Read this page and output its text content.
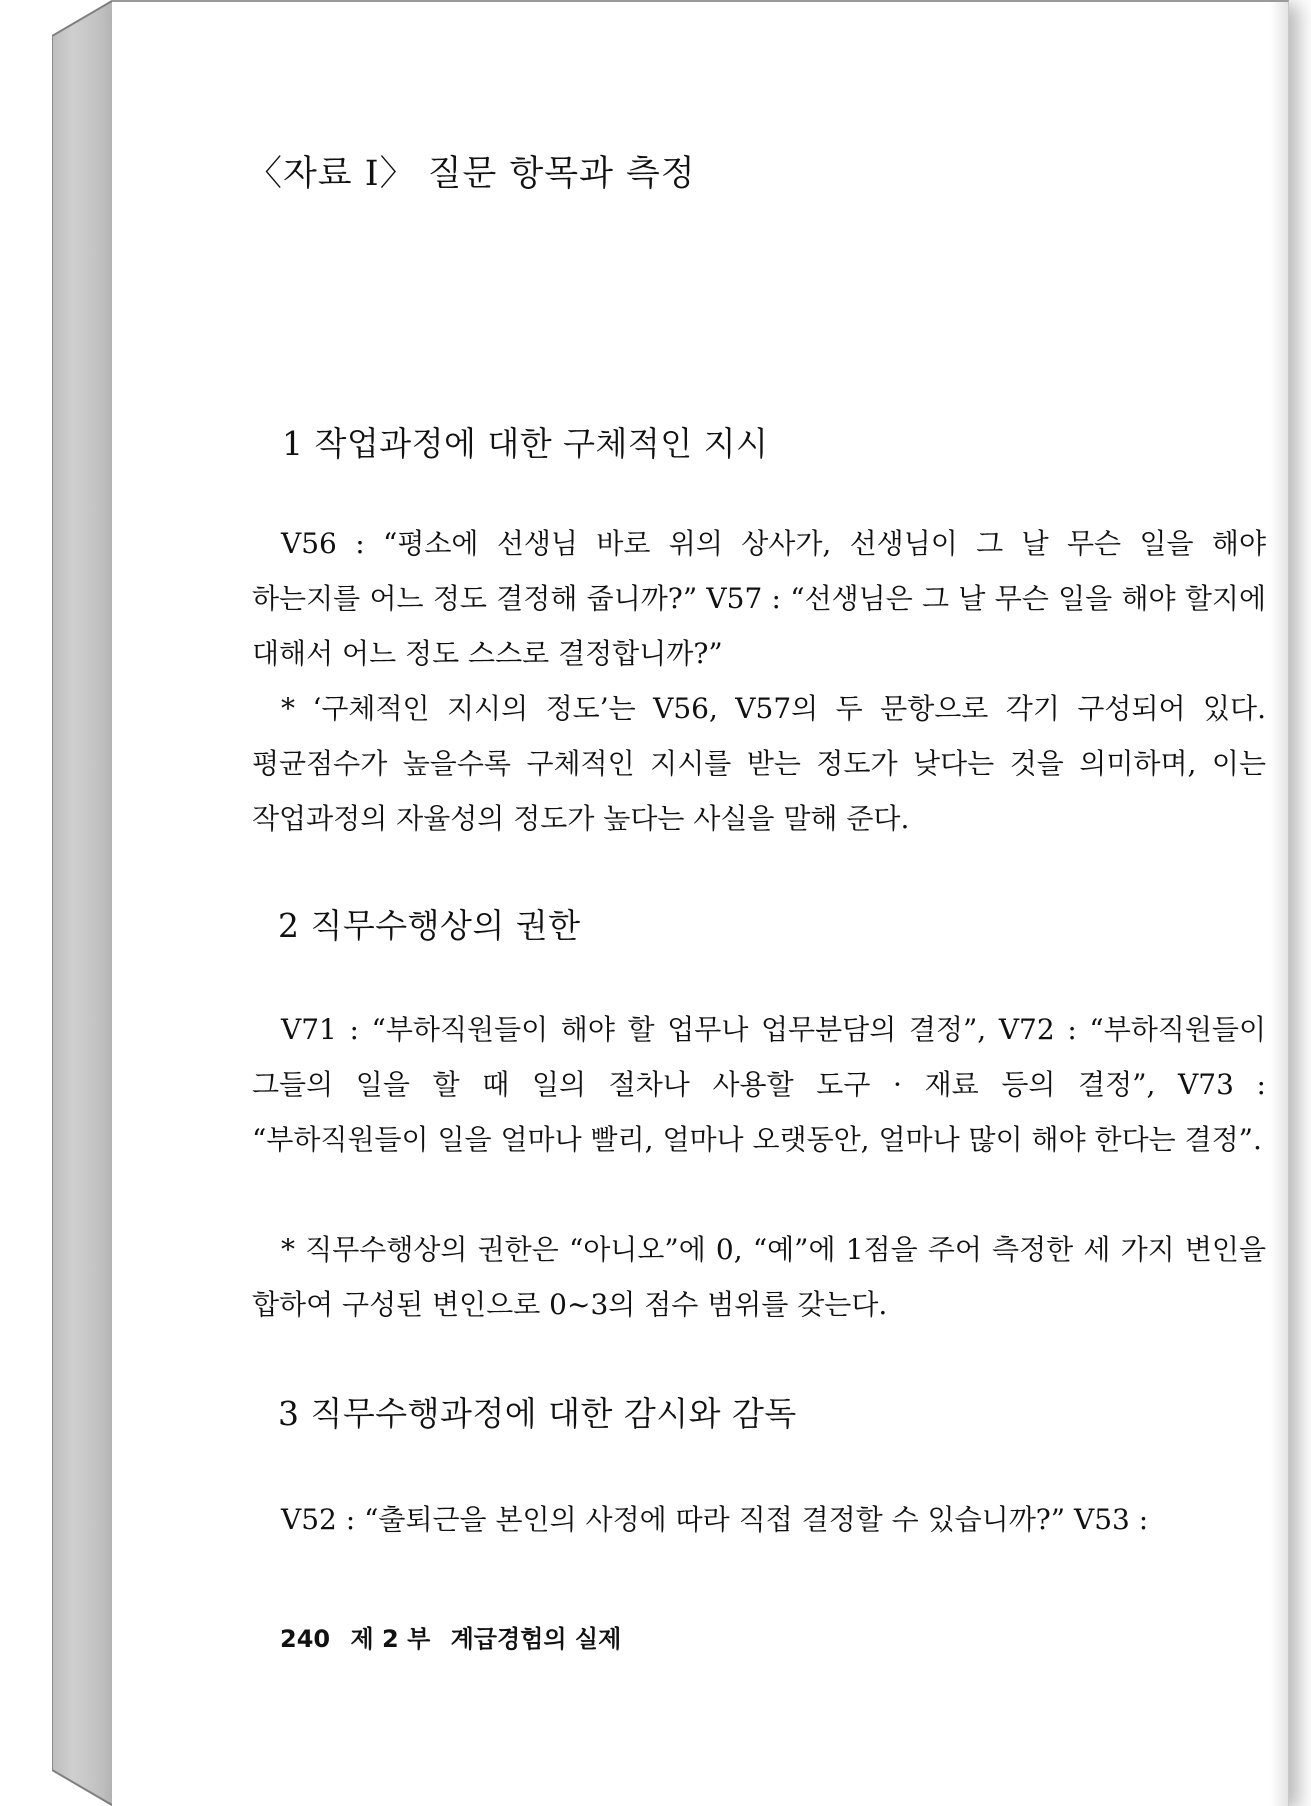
〈자료 I〉 질문 항목과 측정
1 작업과정에 대한 구체적인 지시

V56 : “평소에 선생님 바로 위의 상사가, 선생님이 그 날 무슨 일을 해야 하는지를 어느 정도 결정해 줍니까?” V57 : “선생님은 그 날 무슨 일을 해야 할지에 대해서 어느 정도 스스로 결정합니까?”

* ‘구체적인 지시의 정도’는 V56, V57의 두 문항으로 각기 구성되어 있다. 평균점수가 높을수록 구체적인 지시를 받는 정도가 낮다는 것을 의미하며, 이는 작업과정의 자율성의 정도가 높다는 사실을 말해 준다.

2 직무수행상의 권한

V71 : “부하직원들이 해야 할 업무나 업무분담의 결정”, V72 : “부하직원들이 그들의 일을 할 때 일의 절차나 사용할 도구 · 재료 등의 결정”, V73 : “부하직원들이 일을 얼마나 빨리, 얼마나 오랫동안, 얼마나 많이 해야 한다는 결정”.

* 직무수행상의 권한은 “아니오”에 0, “예”에 1점을 주어 측정한 세 가지 변인을 합하여 구성된 변인으로 0~3의 점수 범위를 갖는다.

3 직무수행과정에 대한 감시와 감독

V52 : “출퇴근을 본인의 사정에 따라 직접 결정할 수 있습니까?” V53 :

240 제 2 부 계급경험의 실제
